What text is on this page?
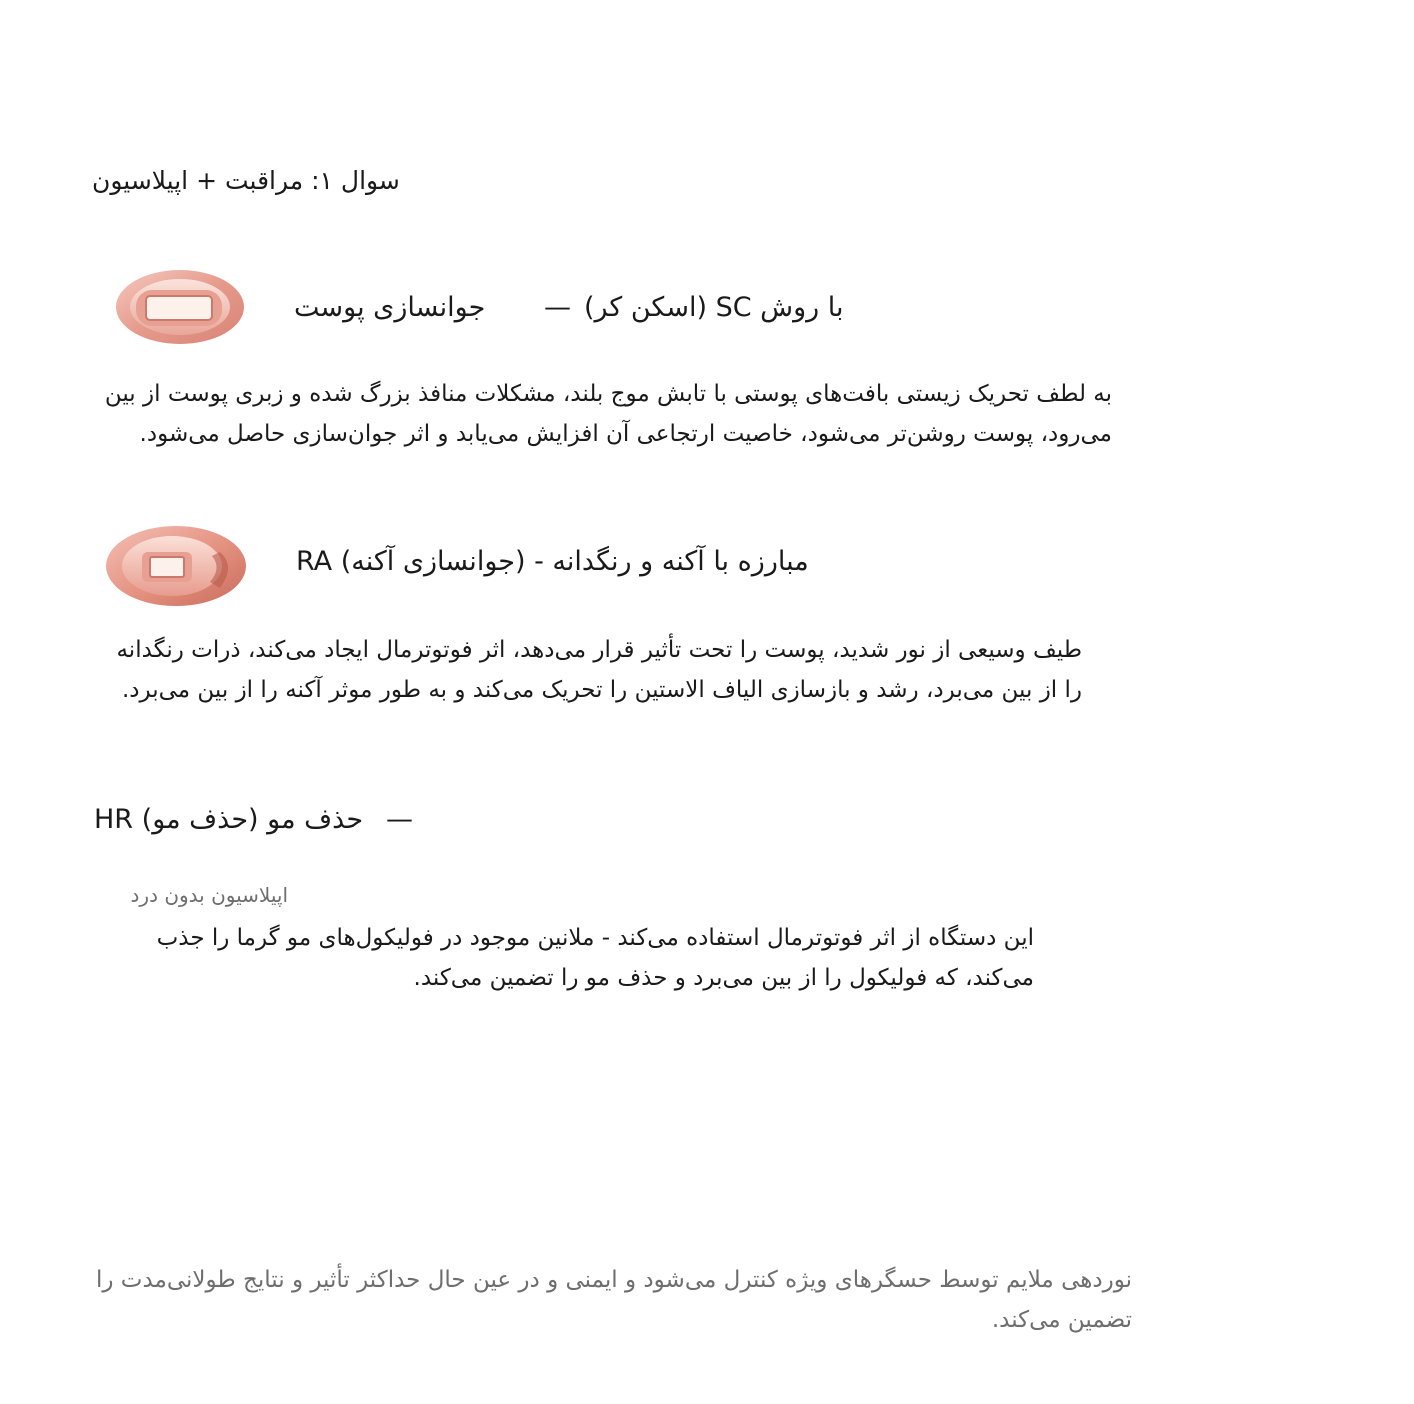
سوال ۱: مراقبت + اپیلاسیون
جوانسازی پوست — با روش SC (اسکن کر)
به لطف تحریک زیستی بافت‌های پوستی با تابش موج بلند، مشکلات منافذ بزرگ شده و زبری پوست از بین می‌رود، پوست روشن‌تر می‌شود، خاصیت ارتجاعی آن افزایش می‌یابد و اثر جوان‌سازی حاصل می‌شود.
RA (جوانسازی آکنه) - مبارزه با آکنه و رنگدانه
طیف وسیعی از نور شدید، پوست را تحت تأثیر قرار می‌دهد، اثر فوتوترمال ایجاد می‌کند، ذرات رنگدانه را از بین می‌برد، رشد و بازسازی الیاف الاستین را تحریک می‌کند و به طور موثر آکنه را از بین می‌برد.
HR (حذف مو) حذف مو —
اپیلاسیون بدون درد
این دستگاه از اثر فوتوترمال استفاده می‌کند - ملانین موجود در فولیکول‌های مو گرما را جذب می‌کند، که فولیکول را از بین می‌برد و حذف مو را تضمین می‌کند.
نوردهی ملایم توسط حسگرهای ویژه کنترل می‌شود و ایمنی و در عین حال حداکثر تأثیر و نتایج طولانی‌مدت را تضمین می‌کند.
